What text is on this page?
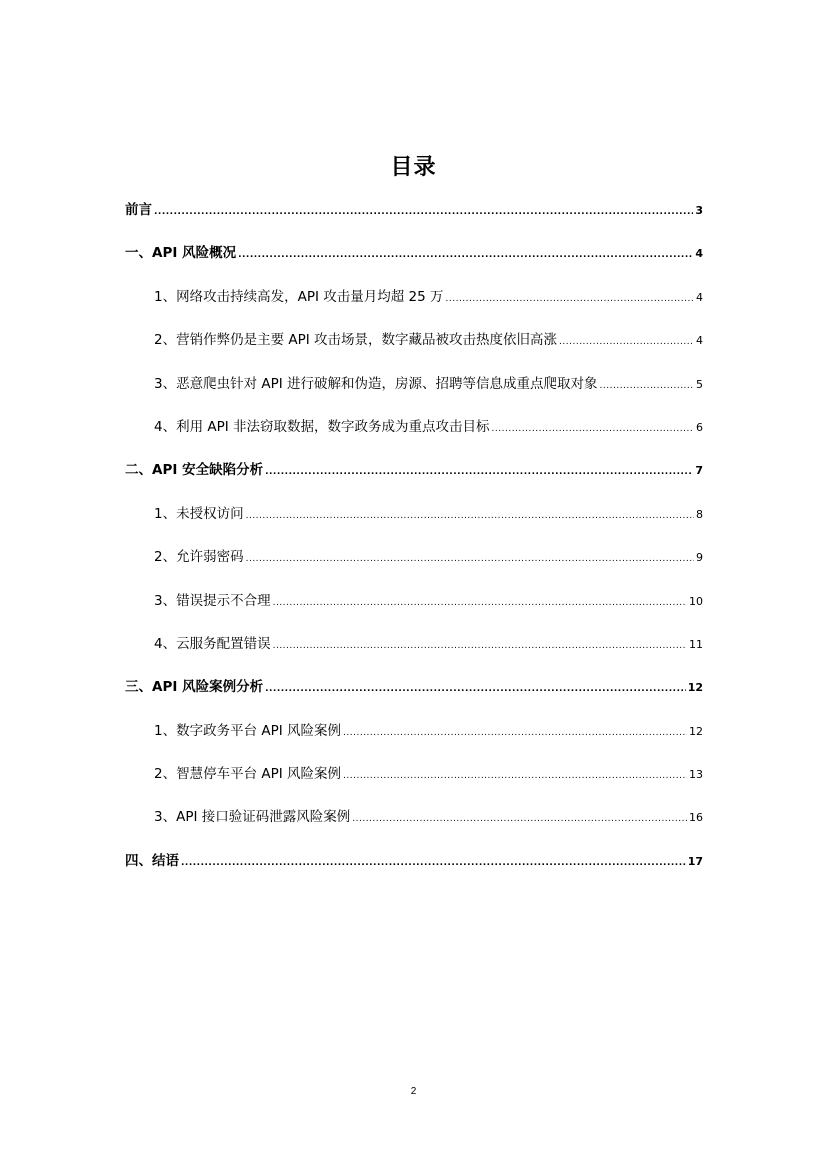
目录
前言 .....	3
一、API 风险概况 .....	4
1、网络攻击持续高发，API 攻击量月均超 25 万 .....	4
2、营销作弊仍是主要 API 攻击场景，数字藏品被攻击热度依旧高涨 .....	4
3、恶意爬虫针对 API 进行破解和伪造，房源、招聘等信息成重点爬取对象 .....	5
4、利用 API 非法窃取数据，数字政务成为重点攻击目标 .....	6
二、API 安全缺陷分析 .....	7
1、未授权访问 .....	8
2、允许弱密码 .....	9
3、错误提示不合理 .....	10
4、云服务配置错误 .....	11
三、API 风险案例分析 .....	12
1、数字政务平台 API 风险案例 .....	12
2、智慧停车平台 API 风险案例 .....	13
3、API 接口验证码泄露风险案例 .....	16
四、结语 .....	17
2
